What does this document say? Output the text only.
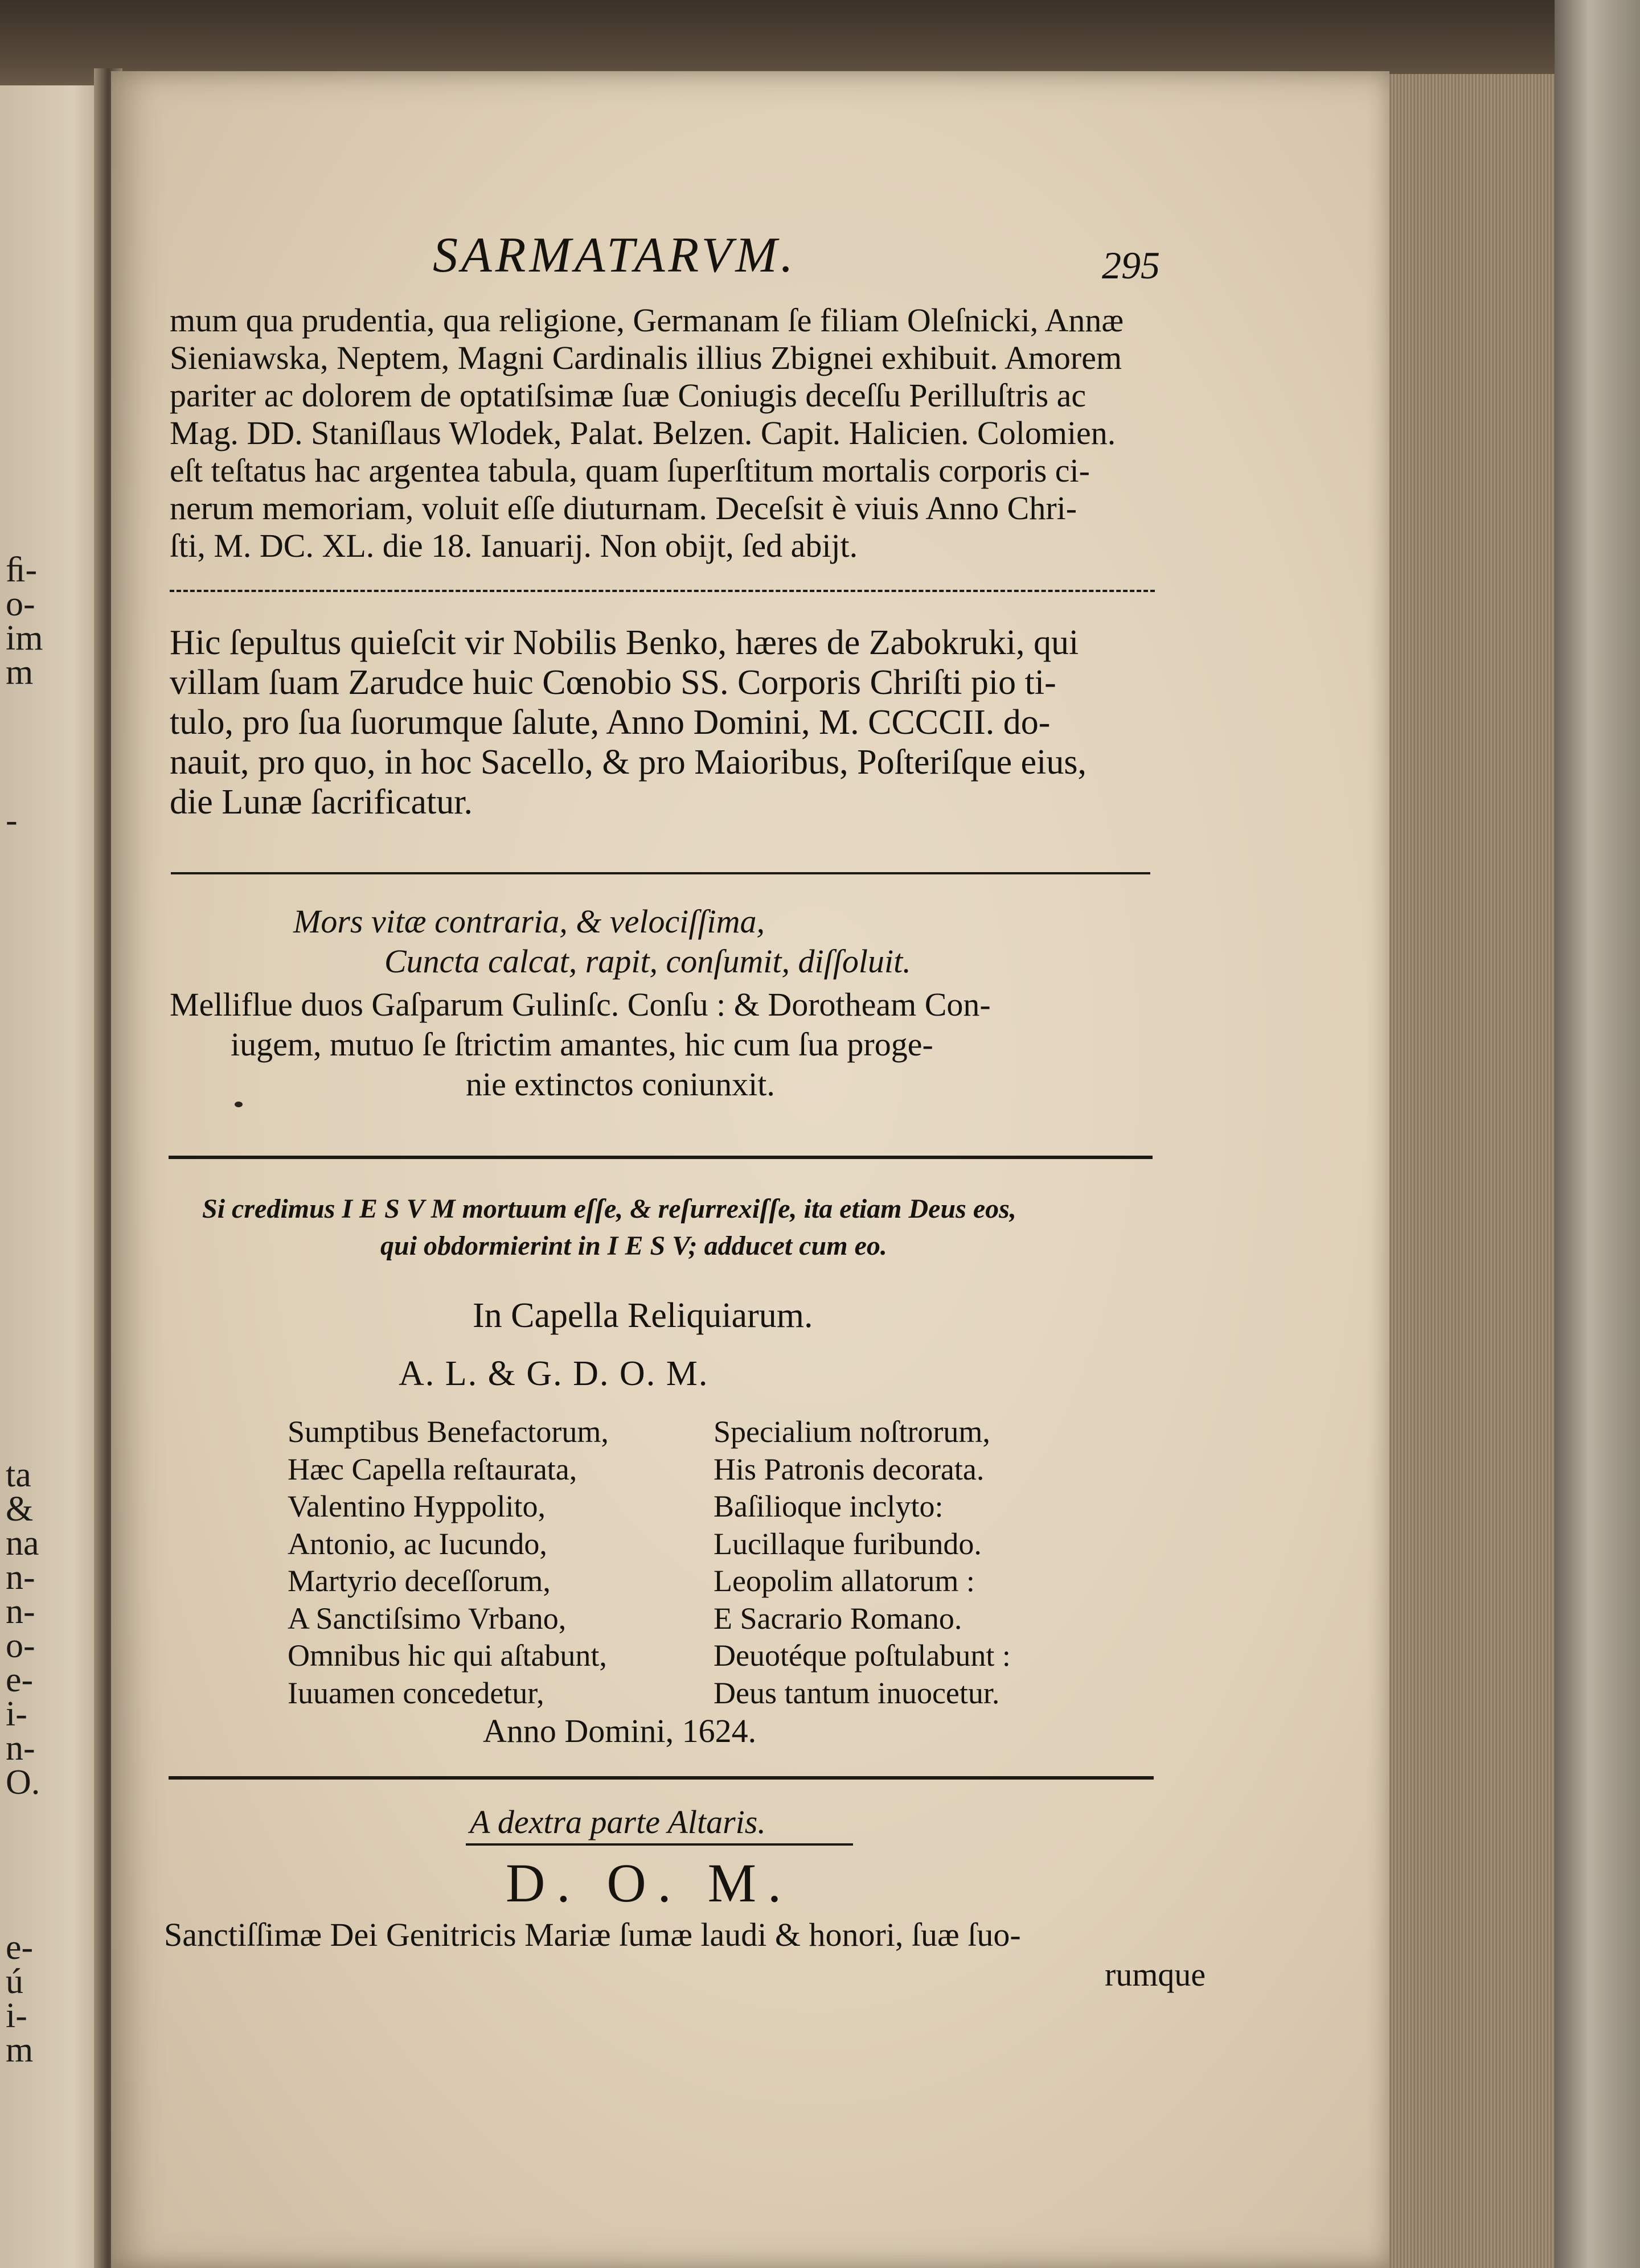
ﬁ-
o-
im
m
-
ta
&
na
n-
n-
o-
e-
i-
n-
O.
e-
ú
i-
m
SARMATARVM.	295
mum qua prudentia, qua religione, Germanam ſe filiam Oleſnicki, Annæ
Sieniawska, Neptem, Magni Cardinalis illius Zbignei exhibuit. Amorem
pariter ac dolorem de optatiſsimæ ſuæ Coniugis deceſſu Perilluſtris ac
Mag. DD. Staniſlaus Wlodek, Palat. Belzen. Capit. Halicien. Colomien.
eſt teſtatus hac argentea tabula, quam ſuperſtitum mortalis corporis ci-
nerum memoriam, voluit eſſe diuturnam. Deceſsit è viuis Anno Chri-
ſti, M. DC. XL. die 18. Ianuarij. Non obijt, ſed abijt.
Hic ſepultus quieſcit vir Nobilis Benko, hæres de Zabokruki, qui
villam ſuam Zarudce huic Cœnobio SS. Corporis Chriſti pio ti-
tulo, pro ſua ſuorumque ſalute, Anno Domini, M. CCCCII. do-
nauit, pro quo, in hoc Sacello, & pro Maioribus, Poſteriſque eius,
die Lunæ ſacrificatur.
Mors vitæ contraria, & velociſſima,
Cuncta calcat, rapit, conſumit, diſſoluit.
Melliflue duos Gaſparum Gulinſc. Conſu : & Dorotheam Con-
iugem, mutuo ſe ſtrictim amantes, hic cum ſua proge-
nie extinctos coniunxit.
Si credimus I E S V M mortuum eſſe, & reſurrexiſſe, ita etiam Deus eos,
qui obdormierint in I E S V; adducet cum eo.
In Capella Reliquiarum.
A. L. & G. D. O. M.
Sumptibus Benefactorum,
Hæc Capella reſtaurata,
Valentino Hyppolito,
Antonio, ac Iucundo,
Martyrio deceſſorum,
A Sanctiſsimo Vrbano,
Omnibus hic qui aſtabunt,
Iuuamen concedetur,
Specialium noſtrorum,
His Patronis decorata.
Baſilioque inclyto:
Lucillaque furibundo.
Leopolim allatorum :
E Sacrario Romano.
Deuotéque poſtulabunt :
Deus tantum inuocetur.
Anno Domini, 1624.
A dextra parte Altaris.
D. O. M.
Sanctiſſimæ Dei Genitricis Mariæ ſumæ laudi & honori, ſuæ ſuo-
rumque
